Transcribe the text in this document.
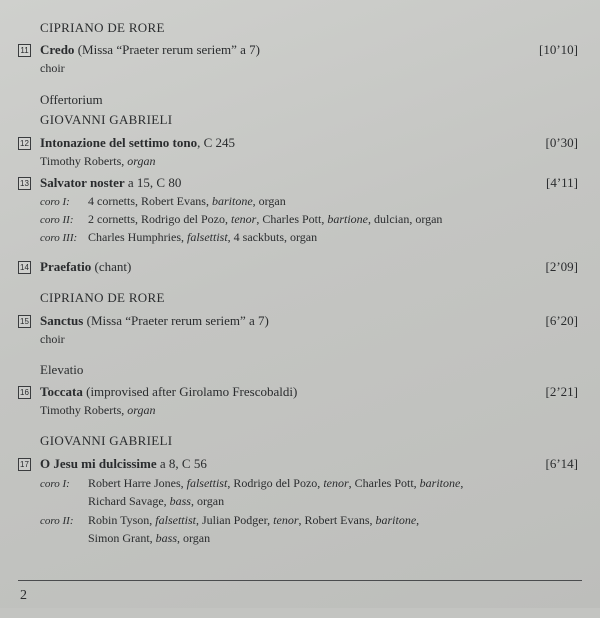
CIPRIANO DE RORE
11 Credo (Missa “Praeter rerum seriem” a 7)	[10’10]
choir
Offertorium
GIOVANNI GABRIELI
12 Intonazione del settimo tono, C 245	[0’30]
Timothy Roberts, organ
13 Salvator noster a 15, C 80	[4’11]
coro I: 4 cornetts, Robert Evans, baritone, organ
coro II: 2 cornetts, Rodrigo del Pozo, tenor, Charles Pott, bartione, dulcian, organ
coro III: Charles Humphries, falsettist, 4 sackbuts, organ
14 Praefatio (chant)	[2’09]
CIPRIANO DE RORE
15 Sanctus (Missa “Praeter rerum seriem” a 7)	[6’20]
choir
Elevatio
16 Toccata (improvised after Girolamo Frescobaldi)	[2’21]
Timothy Roberts, organ
GIOVANNI GABRIELI
17 O Jesu mi dulcissime a 8, C 56	[6’14]
coro I: Robert Harre Jones, falsettist, Rodrigo del Pozo, tenor, Charles Pott, baritone,
Richard Savage, bass, organ
coro II: Robin Tyson, falsettist, Julian Podger, tenor, Robert Evans, baritone,
Simon Grant, bass, organ
2
